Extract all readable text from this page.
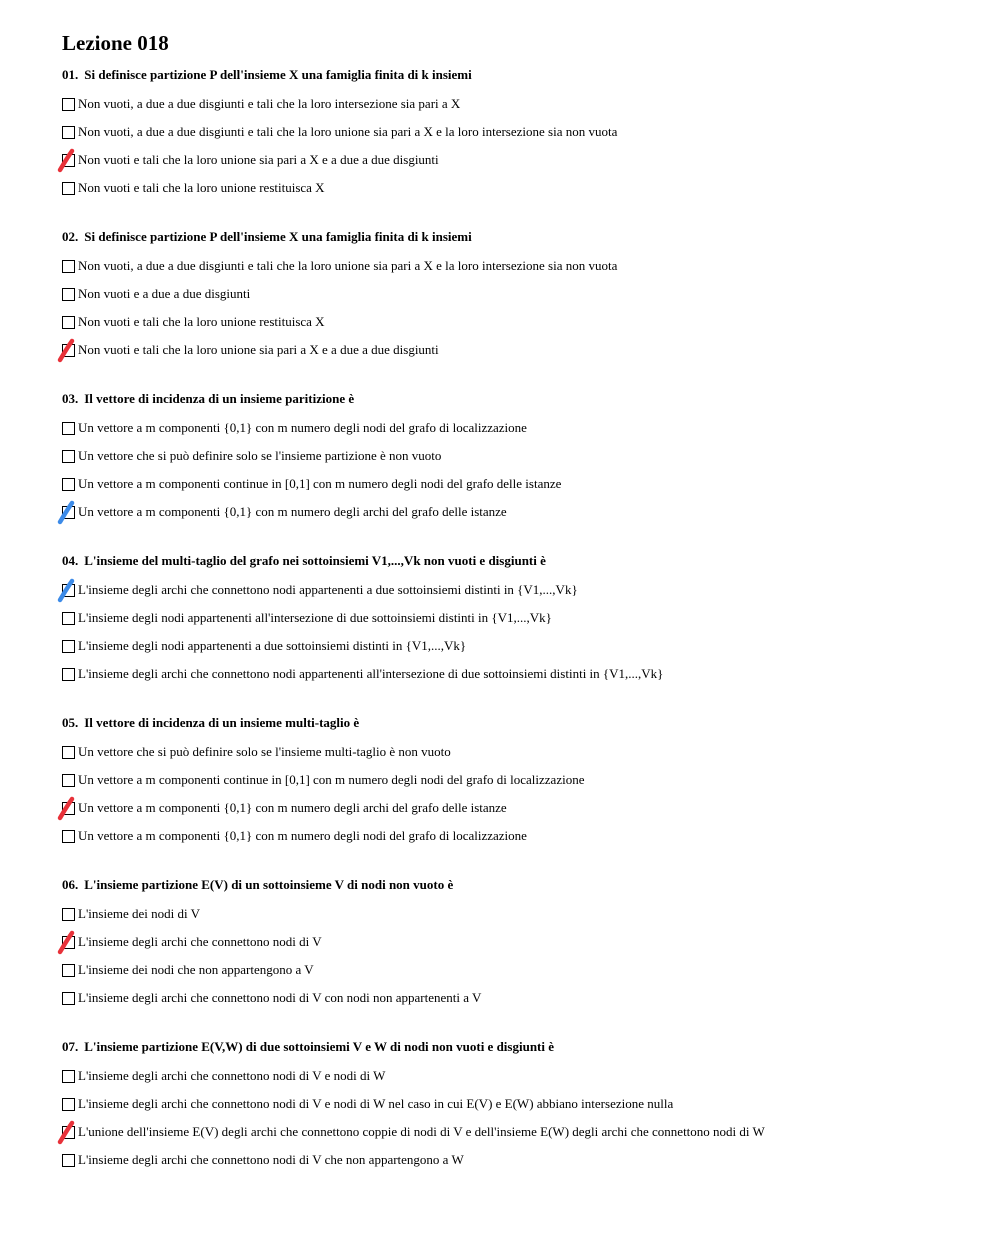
Lezione 018
01. Si definisce partizione P dell'insieme X una famiglia finita di k insiemi
Non vuoti, a due a due disgiunti e tali che la loro intersezione sia pari a X
Non vuoti, a due a due disgiunti e tali che la loro unione sia pari a X e la loro intersezione sia non vuota
Non vuoti e tali che la loro unione sia pari a X e a due a due disgiunti
Non vuoti e tali che la loro unione restituisca X
02. Si definisce partizione P dell'insieme X una famiglia finita di k insiemi
Non vuoti, a due a due disgiunti e tali che la loro unione sia pari a X e la loro intersezione sia non vuota
Non vuoti e a due a due disgiunti
Non vuoti e tali che la loro unione restituisca X
Non vuoti e tali che la loro unione sia pari a X e a due a due disgiunti
03. Il vettore di incidenza di un insieme paritizione è
Un vettore a m componenti {0,1} con m numero degli nodi del grafo di localizzazione
Un vettore che si può definire solo se l'insieme partizione è non vuoto
Un vettore a m componenti continue in [0,1] con m numero degli nodi del grafo delle istanze
Un vettore a m componenti {0,1} con m numero degli archi del grafo delle istanze
04. L'insieme del multi-taglio del grafo nei sottoinsiemi V1,...,Vk non vuoti e disgiunti è
L'insieme degli archi che connettono nodi appartenenti a due sottoinsiemi distinti in {V1,...,Vk}
L'insieme degli nodi appartenenti all'intersezione di due sottoinsiemi distinti in {V1,...,Vk}
L'insieme degli nodi appartenenti a due sottoinsiemi distinti in {V1,...,Vk}
L'insieme degli archi che connettono nodi appartenenti all'intersezione di due sottoinsiemi distinti in {V1,...,Vk}
05. Il vettore di incidenza di un insieme multi-taglio è
Un vettore che si può definire solo se l'insieme multi-taglio è non vuoto
Un vettore a m componenti continue in [0,1] con m numero degli nodi del grafo di localizzazione
Un vettore a m componenti {0,1} con m numero degli archi del grafo delle istanze
Un vettore a m componenti {0,1} con m numero degli nodi del grafo di localizzazione
06. L'insieme partizione E(V) di un sottoinsieme V di nodi non vuoto è
L'insieme dei nodi di V
L'insieme degli archi che connettono nodi di V
L'insieme dei nodi che non appartengono a V
L'insieme degli archi che connettono nodi di V con nodi non appartenenti a V
07. L'insieme partizione E(V,W) di due sottoinsiemi V e W di nodi non vuoti e disgiunti è
L'insieme degli archi che connettono nodi di V e nodi di W
L'insieme degli archi che connettono nodi di V e nodi di W nel caso in cui E(V) e E(W) abbiano intersezione nulla
L'unione dell'insieme E(V) degli archi che connettono coppie di nodi di V e dell'insieme E(W) degli archi che connettono nodi di W
L'insieme degli archi che connettono nodi di V che non appartengono a W
